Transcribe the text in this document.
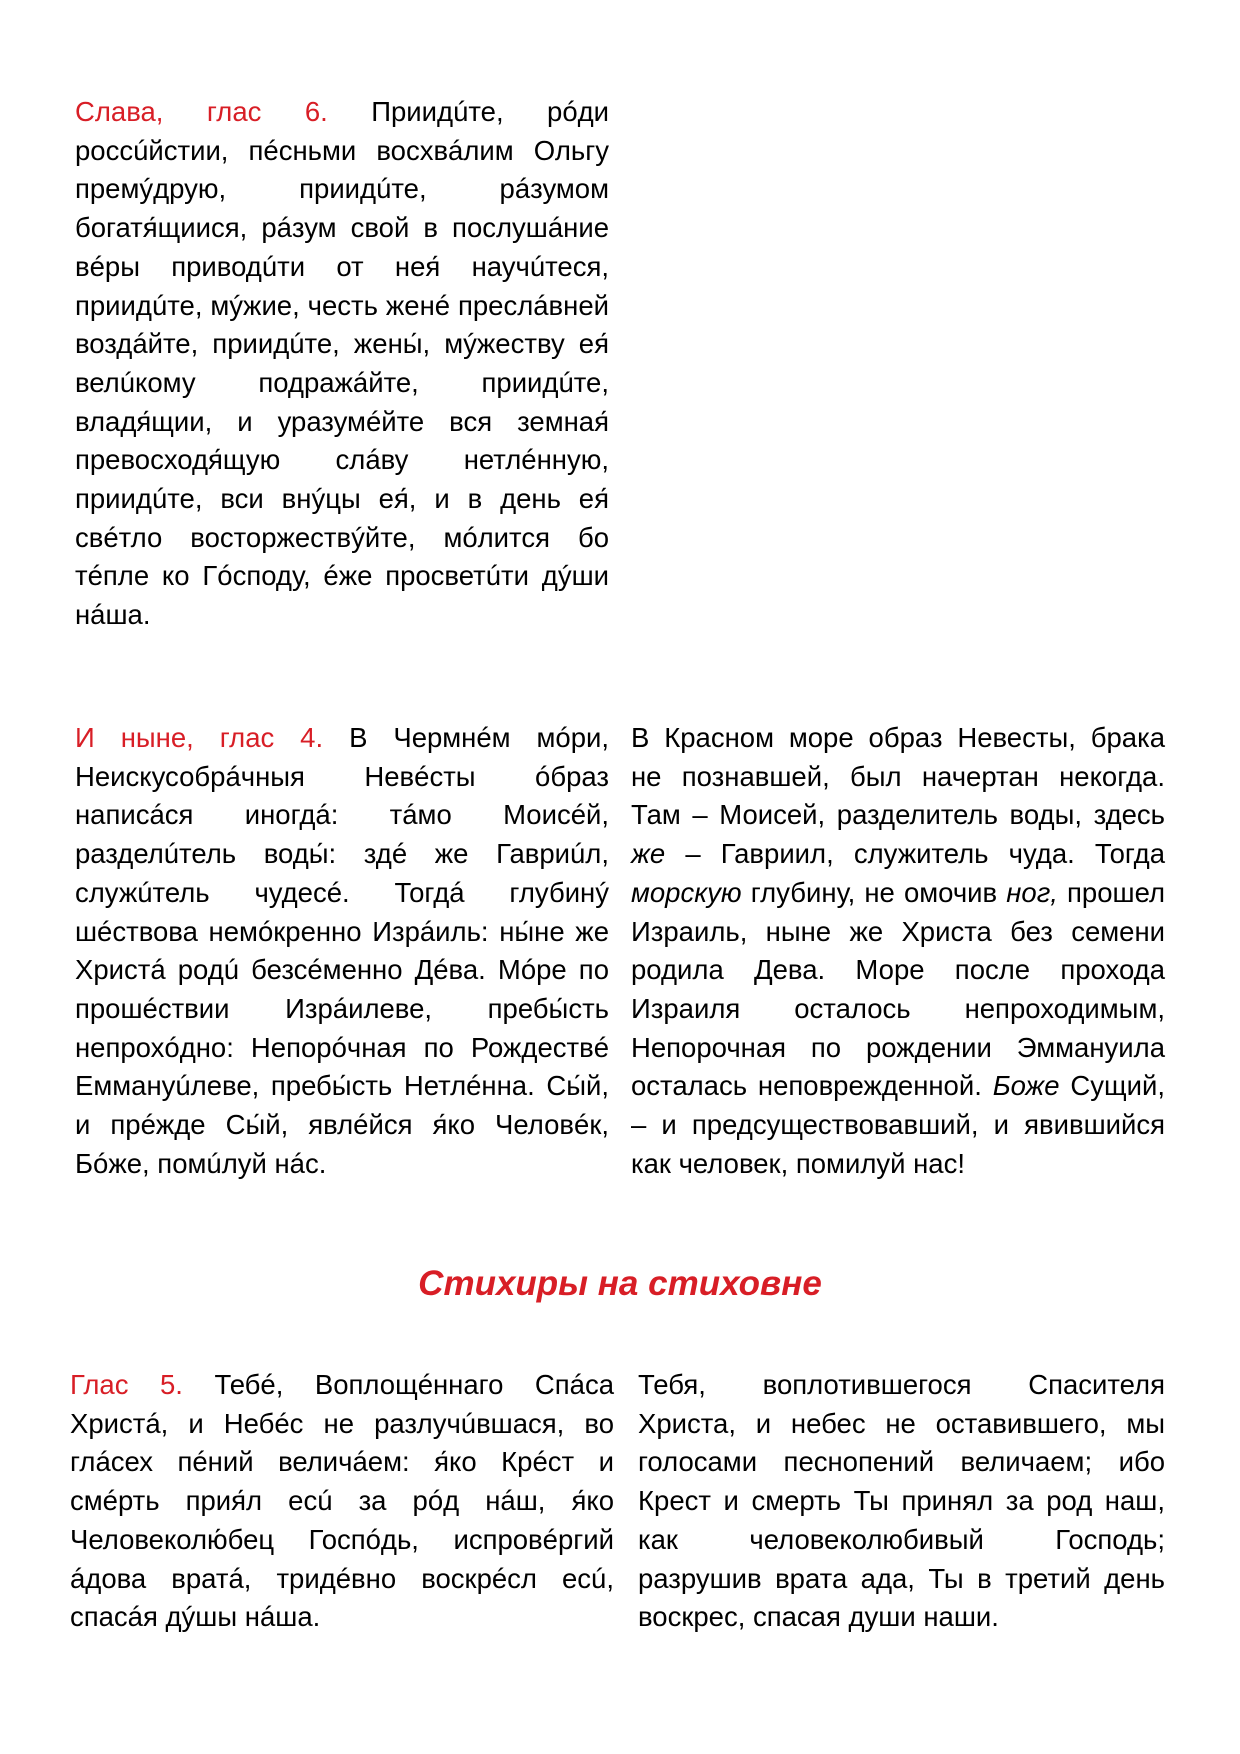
Слава, глас 6. Приидúте, рóди россúйстии, пéсньми восхвáлим Ольгу премýдрую, приидúте, рáзумом богатя́щиися, рáзум свой в послушáние вéры приводúти от нея́ научúтеся, приидúте, мýжие, честь женé преслáвней воздáйте, приидúте, жены́, мýжеству ея́ велúкому подражáйте, приидúте, владя́щии, и уразумéйте вся земная́ превосходя́щую слáву нетлéнную, приидúте, вси внýцы ея́, и в день ея́ свéтло восторжествýйте, мóлится бо тéпле ко Гóсподу, éже просветúти дýши нáша.
И ныне, глас 4. В Чермнéм мóри, Неискусобрáчныя Невéсты óбраз написáся иногдá: тáмо Моисéй, разделúтель воды́: здé же Гавриúл, служúтель чудесé. Тогдá глубинý шéствова немóкренно Изрáиль: ны́не же Христá родú безсéменно Дéва. Мóре по прошéствии Изрáилеве, пребы́сть непрохóдно: Непорóчная по Рождествé Еммануúлеве, пребы́сть Нетлéнна. Сы́й, и прéжде Сы́й, явлéйся я́ко Человéк, Бóже, помúлуй нáс.
В Красном море образ Невесты, брака не познавшей, был начертан некогда. Там – Моисей, разделитель воды, здесь же – Гавриил, служитель чуда. Тогда морскую глубину, не омочив ног, прошел Израиль, ныне же Христа без семени родила Дева. Море после прохода Израиля осталось непроходимым, Непорочная по рождении Эммануила осталась неповрежденной. Боже Сущий, – и предсуществовавший, и явившийся как человек, помилуй нас!
Стихиры на стиховне
Глас 5. Тебé, Воплощéннаго Спáса Христá, и Небéс не разлучúвшася, во глáсех пéний величáем: я́ко Крéст и смéрть прия́л есú за рóд нáш, я́ко Человеколю́бец Госпóдь, испровéргий áдова вратá, тридéвно воскрéсл есú, спасáя дýшы нáша.
Тебя, воплотившегося Спасителя Христа, и небес не оставившего, мы голосами песнопений величаем; ибо Крест и смерть Ты принял за род наш, как человеколюбивый Господь; разрушив врата ада, Ты в третий день воскрес, спасая души наши.
